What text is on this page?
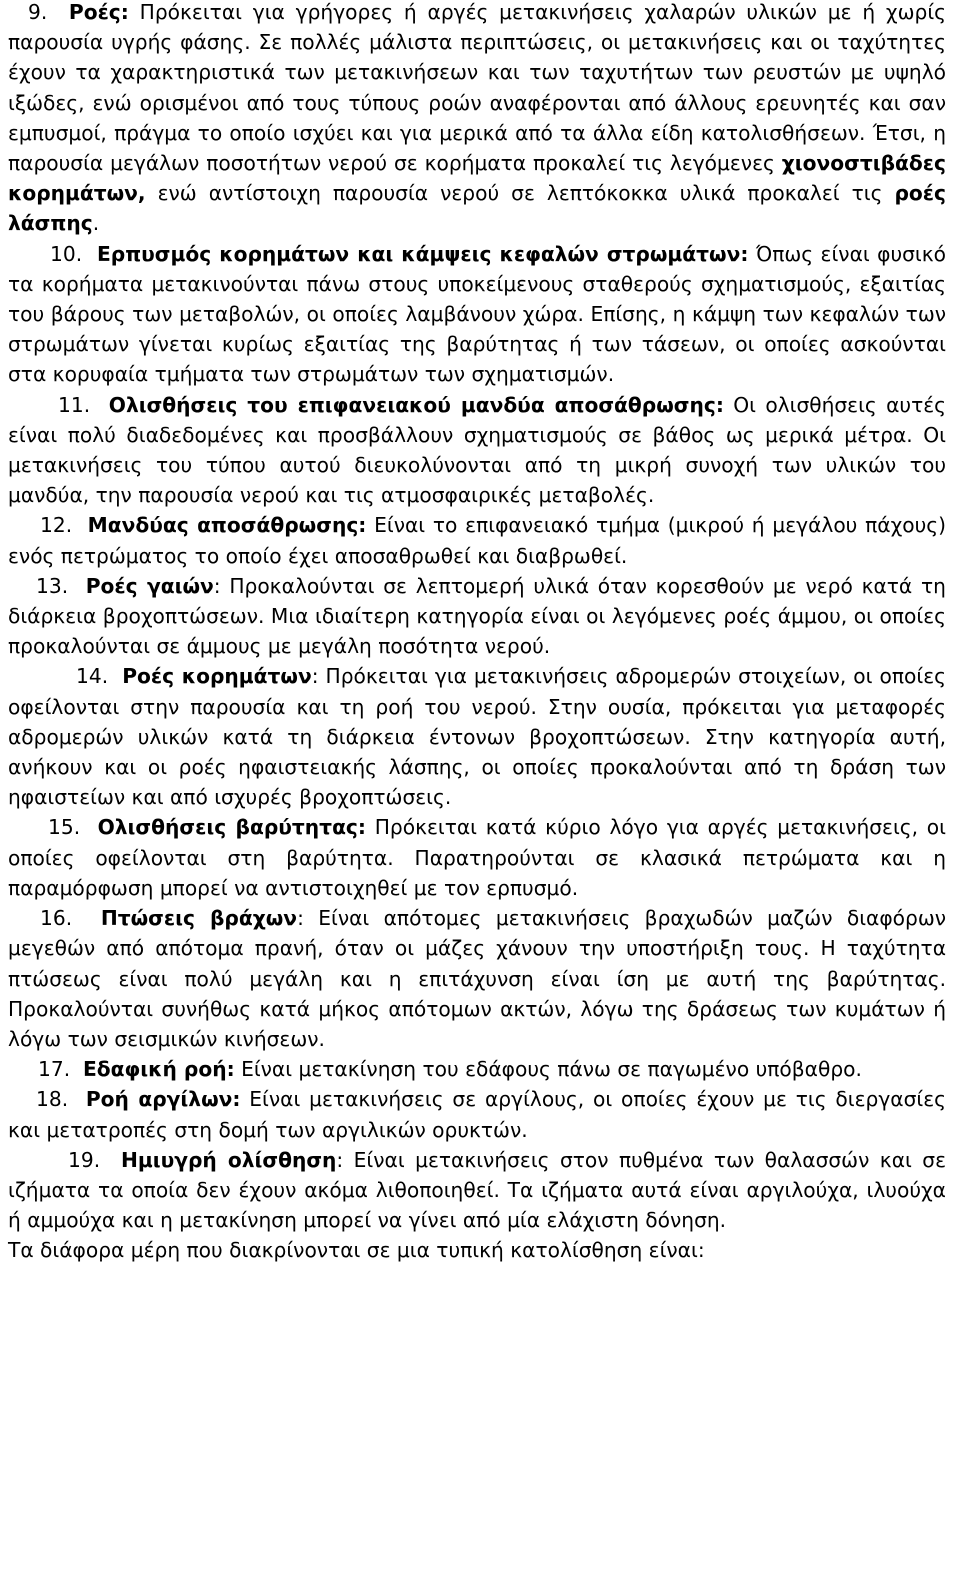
9. Ροές: Πρόκειται για γρήγορες ή αργές μετακινήσεις χαλαρών υλικών με ή χωρίς παρουσία υγρής φάσης. Σε πολλές μάλιστα περιπτώσεις, οι μετακινήσεις και οι ταχύτητες έχουν τα χαρακτηριστικά των μετακινήσεων και των ταχυτήτων των ρευστών με υψηλό ιξώδες, ενώ ορισμένοι από τους τύπους ροών αναφέρονται από άλλους ερευνητές και σαν εμπυσμοί, πράγμα το οποίο ισχύει και για μερικά από τα άλλα είδη κατολισθήσεων. Έτσι, η παρουσία μεγάλων ποσοτήτων νερού σε κορήματα προκαλεί τις λεγόμενες χιονοστιβάδες κορημάτων, ενώ αντίστοιχη παρουσία νερού σε λεπτόκοκκα υλικά προκαλεί τις ροές λάσπης.

10. Ερπυσμός κορημάτων και κάμψεις κεφαλών στρωμάτων: Όπως είναι φυσικό τα κορήματα μετακινούνται πάνω στους υποκείμενους σταθερούς σχηματισμούς, εξαιτίας του βάρους των μεταβολών, οι οποίες λαμβάνουν χώρα. Επίσης, η κάμψη των κεφαλών των στρωμάτων γίνεται κυρίως εξαιτίας της βαρύτητας ή των τάσεων, οι οποίες ασκούνται στα κορυφαία τμήματα των στρωμάτων των σχηματισμών.

11. Ολισθήσεις του επιφανειακού μανδύα αποσάθρωσης: Οι ολισθήσεις αυτές είναι πολύ διαδεδομένες και προσβάλλουν σχηματισμούς σε βάθος ως μερικά μέτρα. Οι μετακινήσεις του τύπου αυτού διευκολύνονται από τη μικρή συνοχή των υλικών του μανδύα, την παρουσία νερού και τις ατμοσφαιρικές μεταβολές.

12. Μανδύας αποσάθρωσης: Είναι το επιφανειακό τμήμα (μικρού ή μεγάλου πάχους) ενός πετρώματος το οποίο έχει αποσαθρωθεί και διαβρωθεί.

13. Ροές γαιών: Προκαλούνται σε λεπτομερή υλικά όταν κορεσθούν με νερό κατά τη διάρκεια βροχοπτώσεων. Μια ιδιαίτερη κατηγορία είναι οι λεγόμενες ροές άμμου, οι οποίες προκαλούνται σε άμμους με μεγάλη ποσότητα νερού.

14. Ροές κορημάτων: Πρόκειται για μετακινήσεις αδρομερών στοιχείων, οι οποίες οφείλονται στην παρουσία και τη ροή του νερού. Στην ουσία, πρόκειται για μεταφορές αδρομερών υλικών κατά τη διάρκεια έντονων βροχοπτώσεων. Στην κατηγορία αυτή, ανήκουν και οι ροές ηφαιστειακής λάσπης, οι οποίες προκαλούνται από τη δράση των ηφαιστείων και από ισχυρές βροχοπτώσεις.

15. Ολισθήσεις βαρύτητας: Πρόκειται κατά κύριο λόγο για αργές μετακινήσεις, οι οποίες οφείλονται στη βαρύτητα. Παρατηρούνται σε κλασικά πετρώματα και η παραμόρφωση μπορεί να αντιστοιχηθεί με τον ερπυσμό.

16. Πτώσεις βράχων: Είναι απότομες μετακινήσεις βραχωδών μαζών διαφόρων μεγεθών από απότομα πρανή, όταν οι μάζες χάνουν την υποστήριξη τους. Η ταχύτητα πτώσεως είναι πολύ μεγάλη και η επιτάχυνση είναι ίση με αυτή της βαρύτητας. Προκαλούνται συνήθως κατά μήκος απότομων ακτών, λόγω της δράσεως των κυμάτων ή λόγω των σεισμικών κινήσεων.

17. Εδαφική ροή: Είναι μετακίνηση του εδάφους πάνω σε παγωμένο υπόβαθρο.

18. Ροή αργίλων: Είναι μετακινήσεις σε αργίλους, οι οποίες έχουν με τις διεργασίες και μετατροπές στη δομή των αργιλικών ορυκτών.

19. Ημιυγρή ολίσθηση: Είναι μετακινήσεις στον πυθμένα των θαλασσών και σε ιζήματα τα οποία δεν έχουν ακόμα λιθοποιηθεί. Τα ιζήματα αυτά είναι αργιλούχα, ιλυούχα ή αμμούχα και η μετακίνηση μπορεί να γίνει από μία ελάχιστη δόνηση.

Τα διάφορα μέρη που διακρίνονται σε μια τυπική κατολίσθηση είναι:
